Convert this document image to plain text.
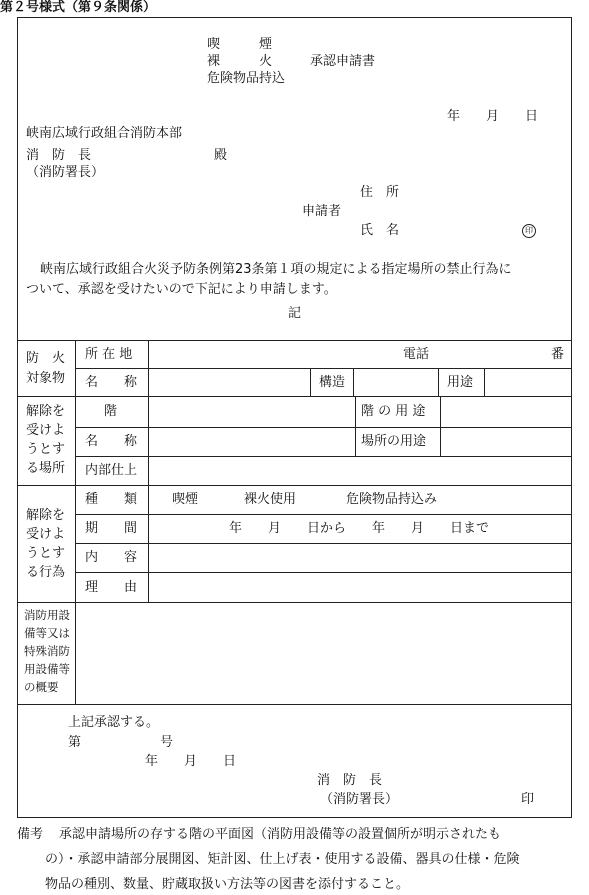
第２号様式（第９条関係）
喫　　　煙
裸　　　火
危険物品持込
承認申請書
年　　月　　日
峡南広域行政組合消防本部
消　防　長	殿
（消防署長）
住　所
申請者
氏　名	印
峡南広域行政組合火災予防条例第23条第１項の規定による指定場所の禁止行為に
ついて、承認を受けたいので下記により申請します。
記
防　火
対象物
所 在 地	電話	番
名　　称	構造	用途
解除を
受けよ
うとす
る場所
階	階 の 用 途
名　　称	場所の用途
内部仕上
解除を
受けよ
うとす
る行為
種　　類	喫煙	裸火使用	危険物品持込み
期　　間	年　　月　　日から　　年　　月　　日まで
内　　容
理　　由
消防用設
備等又は
特殊消防
用設備等
の概要
上記承認する。
第	号
年　　月　　日
消　防　長
（消防署長）	印
備考 承認申請場所の存する階の平面図（消防用設備等の設置個所が明示されたも
の）・承認申請部分展開図、矩計図、仕上げ表・使用する設備、器具の仕様・危険
物品の種別、数量、貯蔵取扱い方法等の図書を添付すること。
